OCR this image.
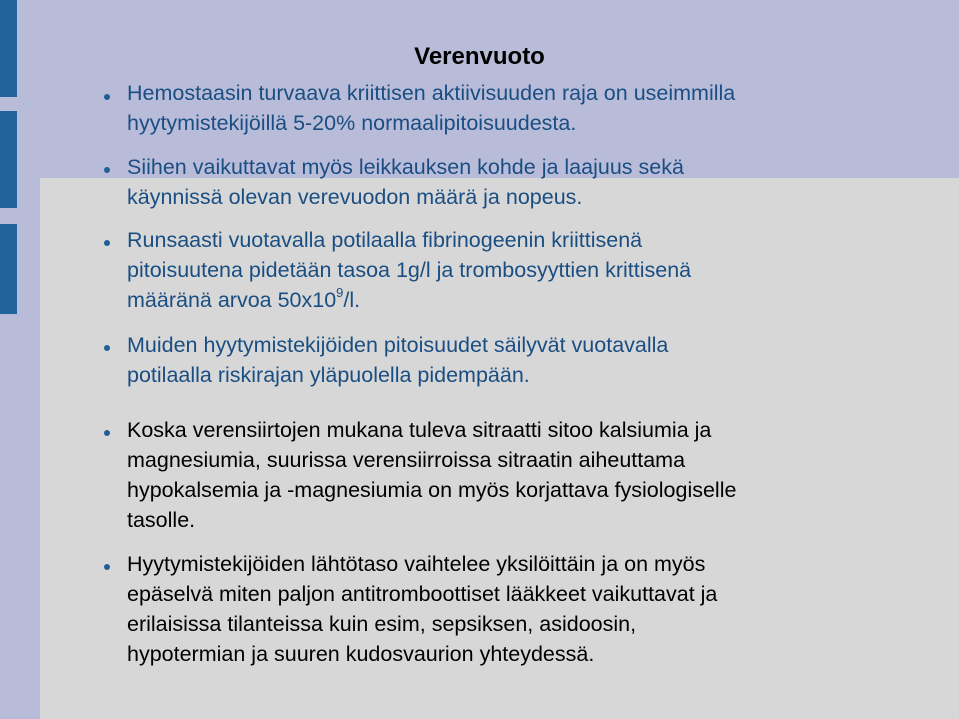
Verenvuoto

Hemostaasin turvaava kriittisen aktiivisuuden raja on useimmilla
hyytymistekijöillä 5-20% normaalipitoisuudesta.

Siihen vaikuttavat myös leikkauksen kohde ja laajuus sekä
käynnissä olevan verevuodon määrä ja nopeus.

Runsaasti vuotavalla potilaalla fibrinogeenin kriittisenä
pitoisuutena pidetään tasoa 1g/l ja trombosyyttien krittisenä
määränä arvoa $50x10^9/l$.

Muiden hyytymistekijöiden pitoisuudet säilyvät vuotavalla
potilaalla riskirajan yläpuolella pidempään.

Koska verensiirtojen mukana tuleva sitraatti sitoo kalsiumia ja
magnesiumia, suurissa verensiirroissa sitraatin aiheuttama
hypokalsemia ja -magnesiumia on myös korjattava fysiologiselle
tasolle.

Hyytymistekijöiden lähtötaso vaihtelee yksilöittäin ja on myös
epäselvä miten paljon antitromboottiset lääkkeet vaikuttavat ja
erilaisissa tilanteissa kuin esim, sepsiksen, asidoosin,
hypotermian ja suuren kudosvaurion yhteydessä.
